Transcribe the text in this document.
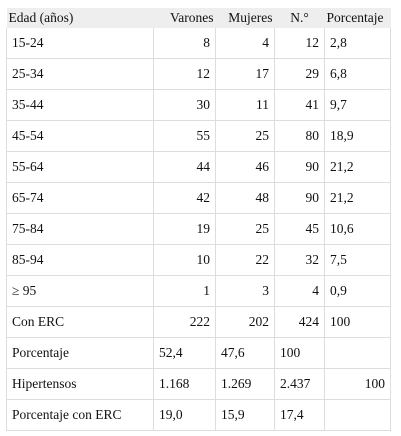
Edad (años)	Varones	Mujeres	N.°	Porcentaje
15-24	8	4	12	2,8
25-34	12	17	29	6,8
35-44	30	11	41	9,7
45-54	55	25	80	18,9
55-64	44	46	90	21,2
65-74	42	48	90	21,2
75-84	19	25	45	10,6
85-94	10	22	32	7,5
≥ 95	1	3	4	0,9
Con ERC	222	202	424	100
Porcentaje	52,4	47,6	100	
Hipertensos	1.168	1.269	2.437	100
Porcentaje con ERC	19,0	15,9	17,4	
